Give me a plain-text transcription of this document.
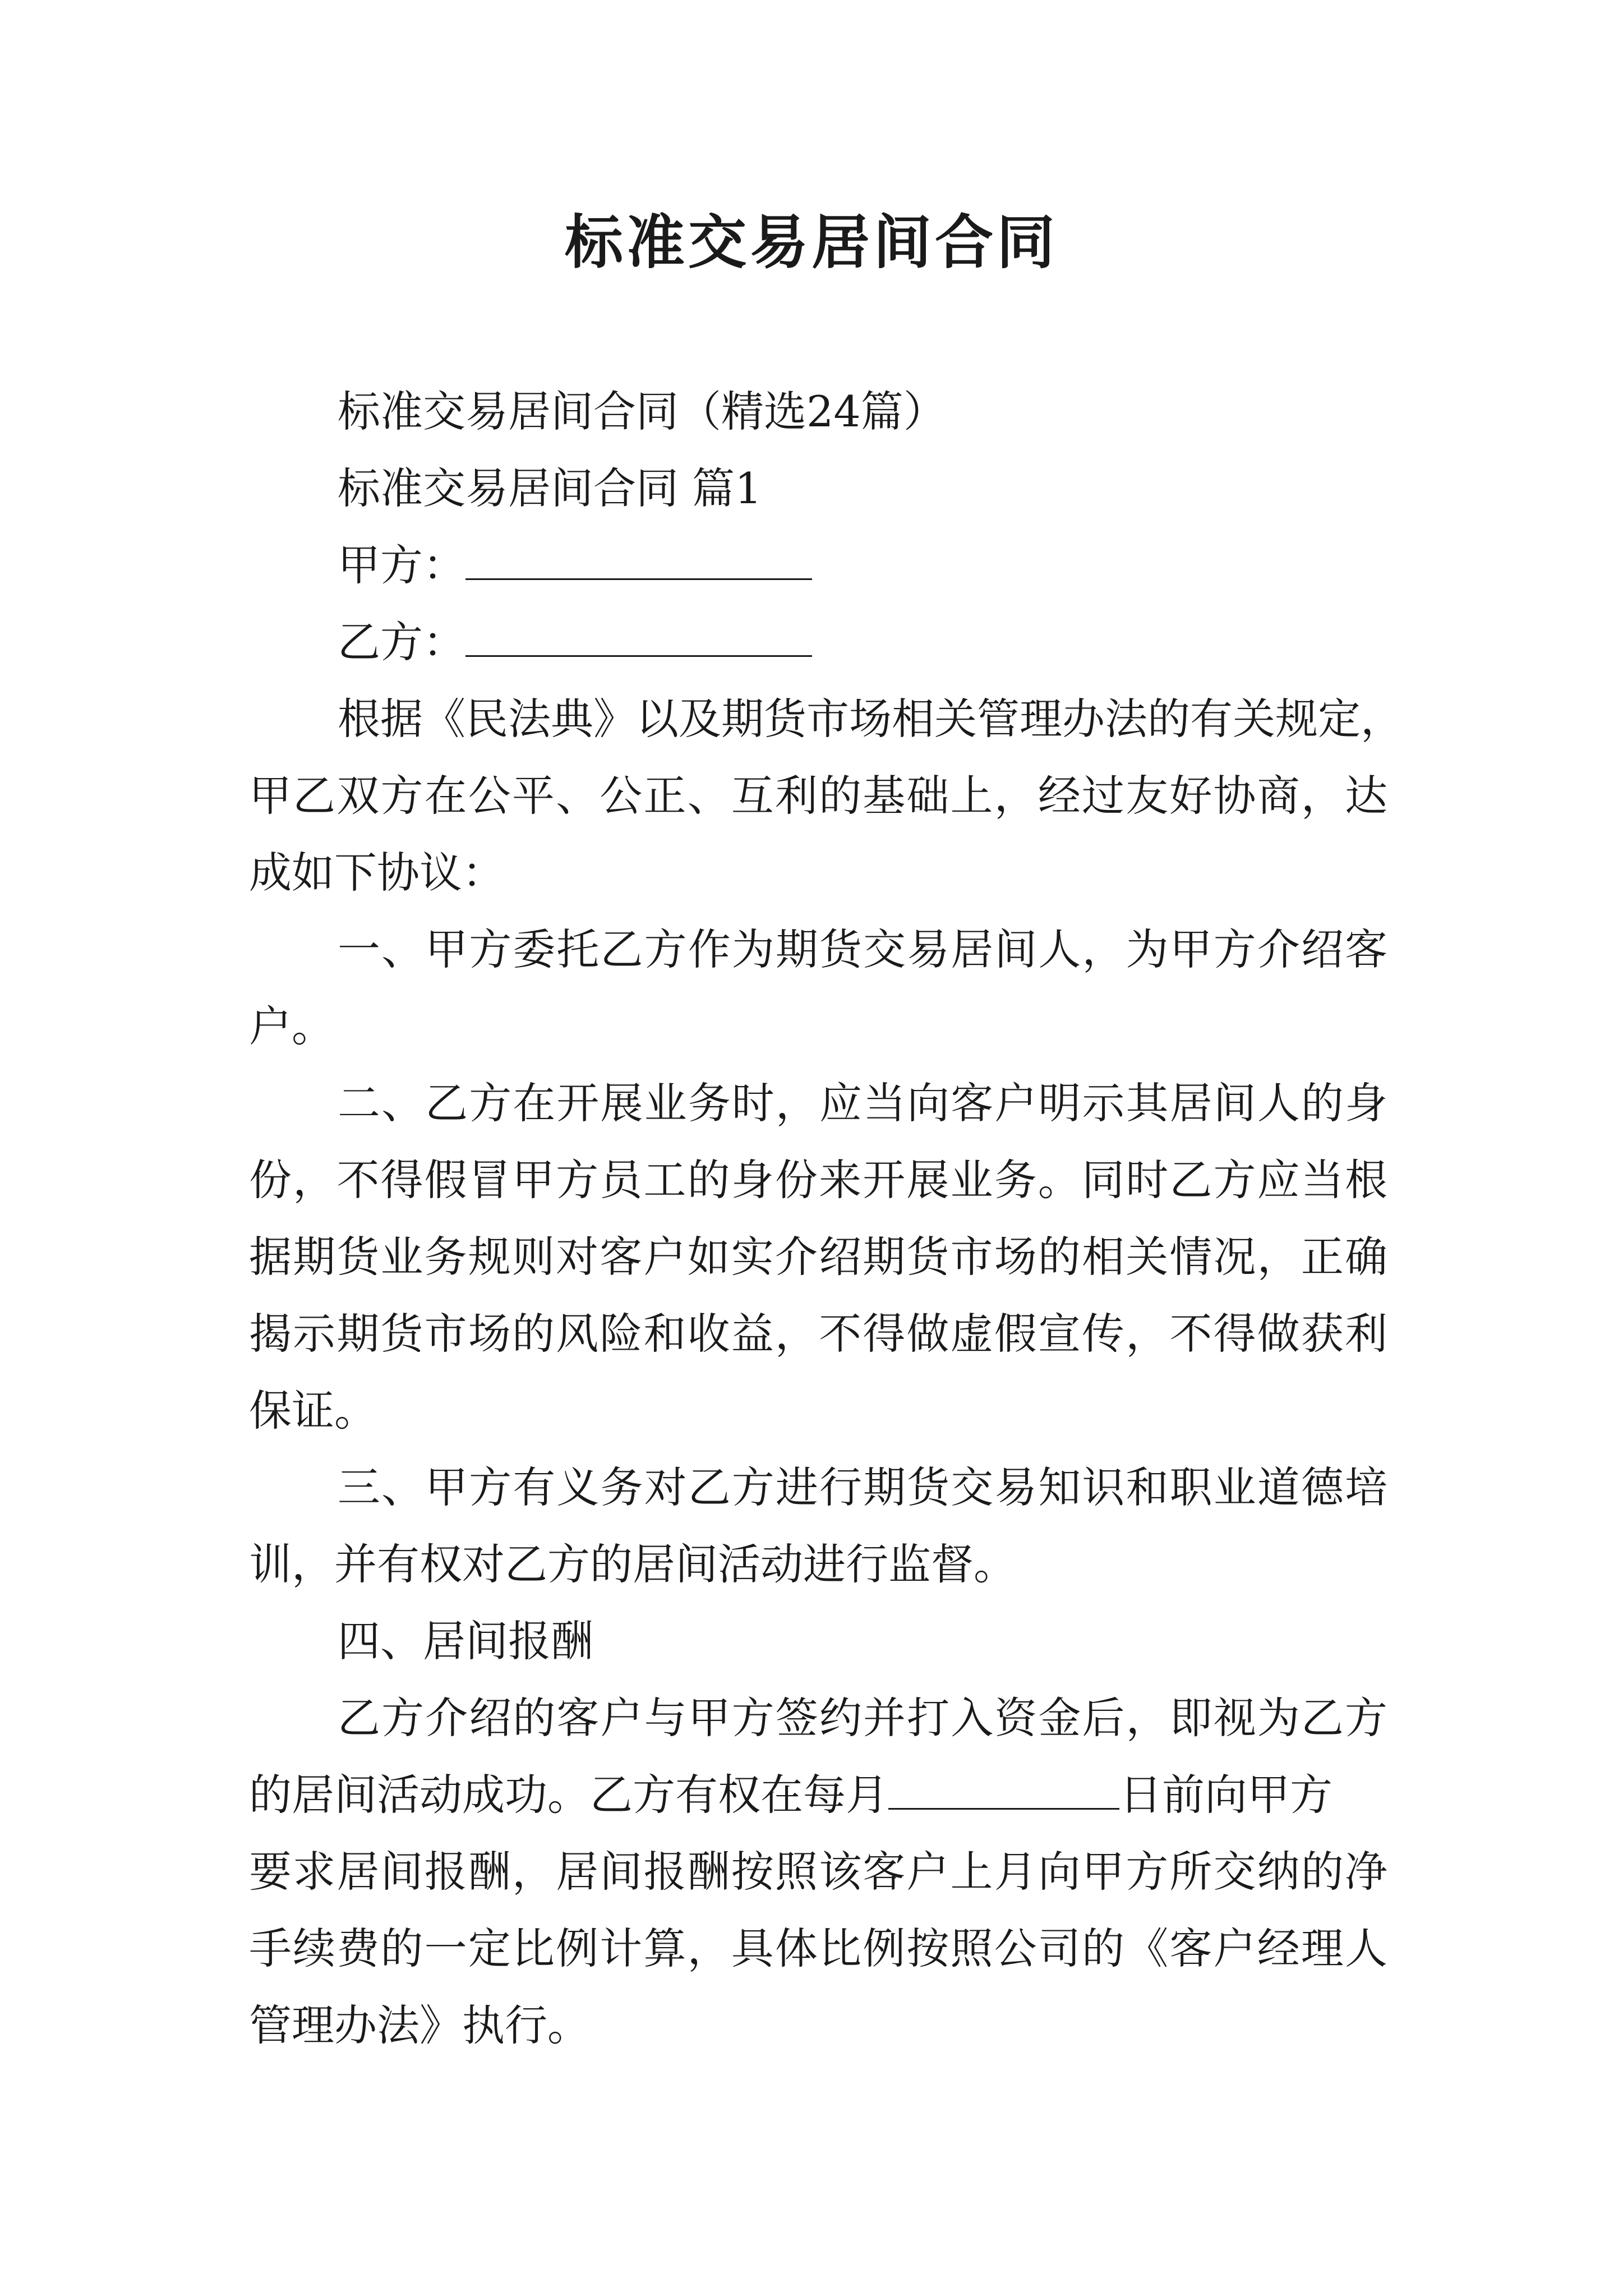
标准交易居间合同

标准交易居间合同（精选24篇）

标准交易居间合同 篇1

甲方：

乙方：

根据《民法典》以及期货市场相关管理办法的有关规定，

甲乙双方在公平、公正、互利的基础上，经过友好协商，达

成如下协议：

一、甲方委托乙方作为期货交易居间人，为甲方介绍客

户。

二、乙方在开展业务时，应当向客户明示其居间人的身

份，不得假冒甲方员工的身份来开展业务。同时乙方应当根

据期货业务规则对客户如实介绍期货市场的相关情况，正确

揭示期货市场的风险和收益，不得做虚假宣传，不得做获利

保证。

三、甲方有义务对乙方进行期货交易知识和职业道德培

训，并有权对乙方的居间活动进行监督。

四、居间报酬

乙方介绍的客户与甲方签约并打入资金后，即视为乙方

的居间活动成功。乙方有权在每月	日前向甲方

要求居间报酬，居间报酬按照该客户上月向甲方所交纳的净

手续费的一定比例计算，具体比例按照公司的《客户经理人

管理办法》执行。
